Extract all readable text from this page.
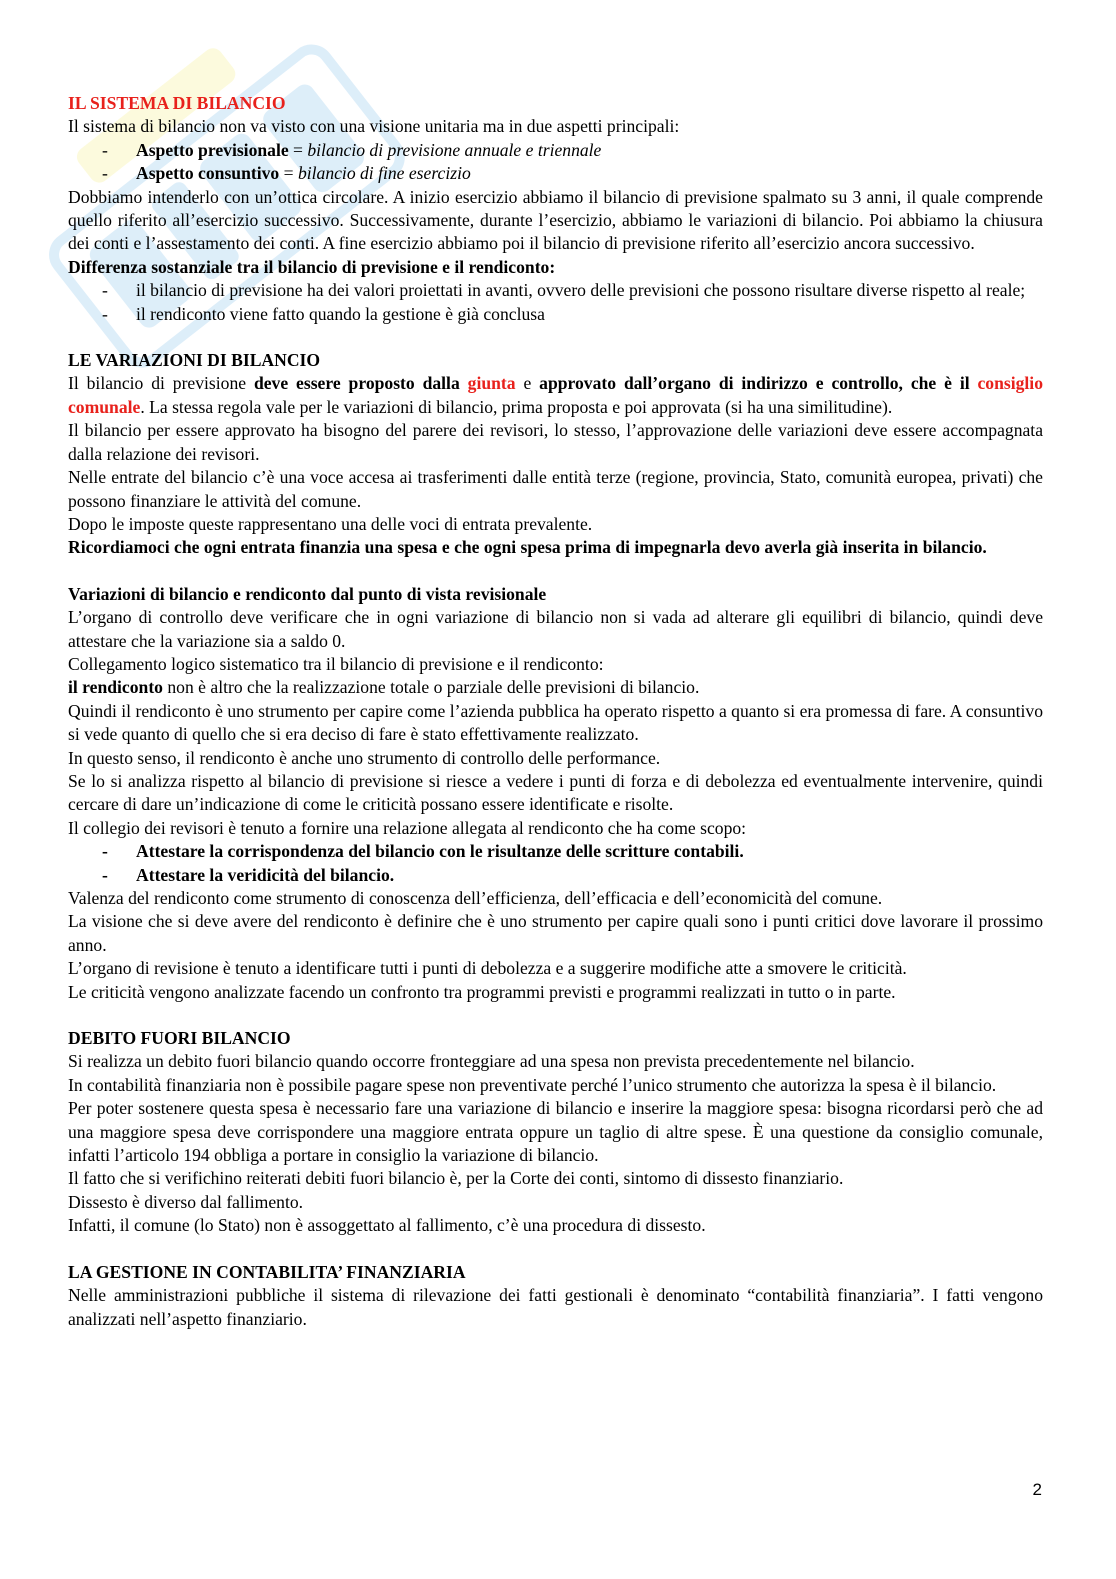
IL SISTEMA DI BILANCIO

Il sistema di bilancio non va visto con una visione unitaria ma in due aspetti principali:

- Aspetto previsionale = bilancio di previsione annuale e triennale
- Aspetto consuntivo = bilancio di fine esercizio

Dobbiamo intenderlo con un’ottica circolare. A inizio esercizio abbiamo il bilancio di previsione spalmato su 3 anni, il quale comprende quello riferito all’esercizio successivo. Successivamente, durante l’esercizio, abbiamo le variazioni di bilancio. Poi abbiamo la chiusura dei conti e l’assestamento dei conti. A fine esercizio abbiamo poi il bilancio di previsione riferito all’esercizio ancora successivo.

Differenza sostanziale tra il bilancio di previsione e il rendiconto:

- il bilancio di previsione ha dei valori proiettati in avanti, ovvero delle previsioni che possono risultare diverse rispetto al reale;
- il rendiconto viene fatto quando la gestione è già conclusa

LE VARIAZIONI DI BILANCIO

Il bilancio di previsione deve essere proposto dalla giunta e approvato dall’organo di indirizzo e controllo, che è il consiglio comunale. La stessa regola vale per le variazioni di bilancio, prima proposta e poi approvata (si ha una similitudine).

Il bilancio per essere approvato ha bisogno del parere dei revisori, lo stesso, l’approvazione delle variazioni deve essere accompagnata dalla relazione dei revisori.

Nelle entrate del bilancio c’è una voce accesa ai trasferimenti dalle entità terze (regione, provincia, Stato, comunità europea, privati) che possono finanziare le attività del comune.

Dopo le imposte queste rappresentano una delle voci di entrata prevalente.

Ricordiamoci che ogni entrata finanzia una spesa e che ogni spesa prima di impegnarla devo averla già inserita in bilancio.

Variazioni di bilancio e rendiconto dal punto di vista revisionale

L’organo di controllo deve verificare che in ogni variazione di bilancio non si vada ad alterare gli equilibri di bilancio, quindi deve attestare che la variazione sia a saldo 0.

Collegamento logico sistematico tra il bilancio di previsione e il rendiconto:

il rendiconto non è altro che la realizzazione totale o parziale delle previsioni di bilancio.

Quindi il rendiconto è uno strumento per capire come l’azienda pubblica ha operato rispetto a quanto si era promessa di fare. A consuntivo si vede quanto di quello che si era deciso di fare è stato effettivamente realizzato.

In questo senso, il rendiconto è anche uno strumento di controllo delle performance.

Se lo si analizza rispetto al bilancio di previsione si riesce a vedere i punti di forza e di debolezza ed eventualmente intervenire, quindi cercare di dare un’indicazione di come le criticità possano essere identificate e risolte.

Il collegio dei revisori è tenuto a fornire una relazione allegata al rendiconto che ha come scopo:

- Attestare la corrispondenza del bilancio con le risultanze delle scritture contabili.
- Attestare la veridicità del bilancio.

Valenza del rendiconto come strumento di conoscenza dell’efficienza, dell’efficacia e dell’economicità del comune.

La visione che si deve avere del rendiconto è definire che è uno strumento per capire quali sono i punti critici dove lavorare il prossimo anno.

L’organo di revisione è tenuto a identificare tutti i punti di debolezza e a suggerire modifiche atte a smovere le criticità.

Le criticità vengono analizzate facendo un confronto tra programmi previsti e programmi realizzati in tutto o in parte.

DEBITO FUORI BILANCIO

Si realizza un debito fuori bilancio quando occorre fronteggiare ad una spesa non prevista precedentemente nel bilancio.

In contabilità finanziaria non è possibile pagare spese non preventivate perché l’unico strumento che autorizza la spesa è il bilancio.

Per poter sostenere questa spesa è necessario fare una variazione di bilancio e inserire la maggiore spesa: bisogna ricordarsi però che ad una maggiore spesa deve corrispondere una maggiore entrata oppure un taglio di altre spese. È una questione da consiglio comunale, infatti l’articolo 194 obbliga a portare in consiglio la variazione di bilancio.

Il fatto che si verifichino reiterati debiti fuori bilancio è, per la Corte dei conti, sintomo di dissesto finanziario.

Dissesto è diverso dal fallimento.

Infatti, il comune (lo Stato) non è assoggettato al fallimento, c’è una procedura di dissesto.

LA GESTIONE IN CONTABILITA’ FINANZIARIA

Nelle amministrazioni pubbliche il sistema di rilevazione dei fatti gestionali è denominato “contabilità finanziaria”. I fatti vengono analizzati nell’aspetto finanziario.

2
